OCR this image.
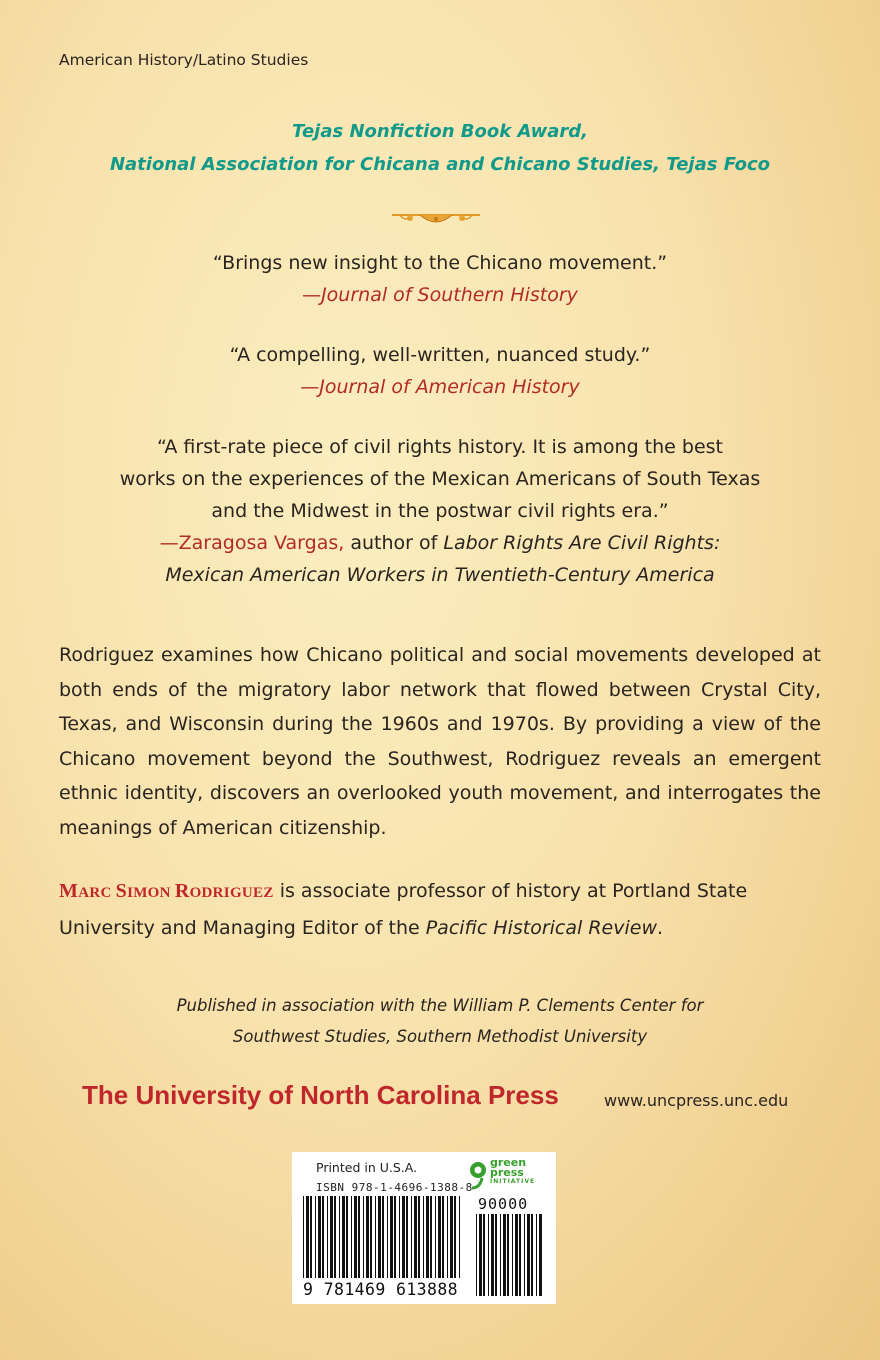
American History/Latino Studies
Tejas Nonfiction Book Award,
National Association for Chicana and Chicano Studies, Tejas Foco
“Brings new insight to the Chicano movement.”
—Journal of Southern History
“A compelling, well-written, nuanced study.”
—Journal of American History
“A first-rate piece of civil rights history. It is among the best
works on the experiences of the Mexican Americans of South Texas
and the Midwest in the postwar civil rights era.”
—Zaragosa Vargas, author of Labor Rights Are Civil Rights:
Mexican American Workers in Twentieth-Century America
Rodriguez examines how Chicano political and social movements developed at both ends of the migratory labor network that flowed between Crystal City, Texas, and Wisconsin during the 1960s and 1970s. By providing a view of the Chicano movement beyond the Southwest, Rodriguez reveals an emergent ethnic identity, discovers an overlooked youth movement, and interrogates the meanings of American citizenship.
MARC SIMON RODRIGUEZ is associate professor of history at Portland State University and Managing Editor of the Pacific Historical Review.
Published in association with the William P. Clements Center for
Southwest Studies, Southern Methodist University
The University of North Carolina Press	www.uncpress.unc.edu
Printed in U.S.A.
ISBN 978-1-4696-1388-8
green
press
INITIATIVE
90000
9 781469 613888
